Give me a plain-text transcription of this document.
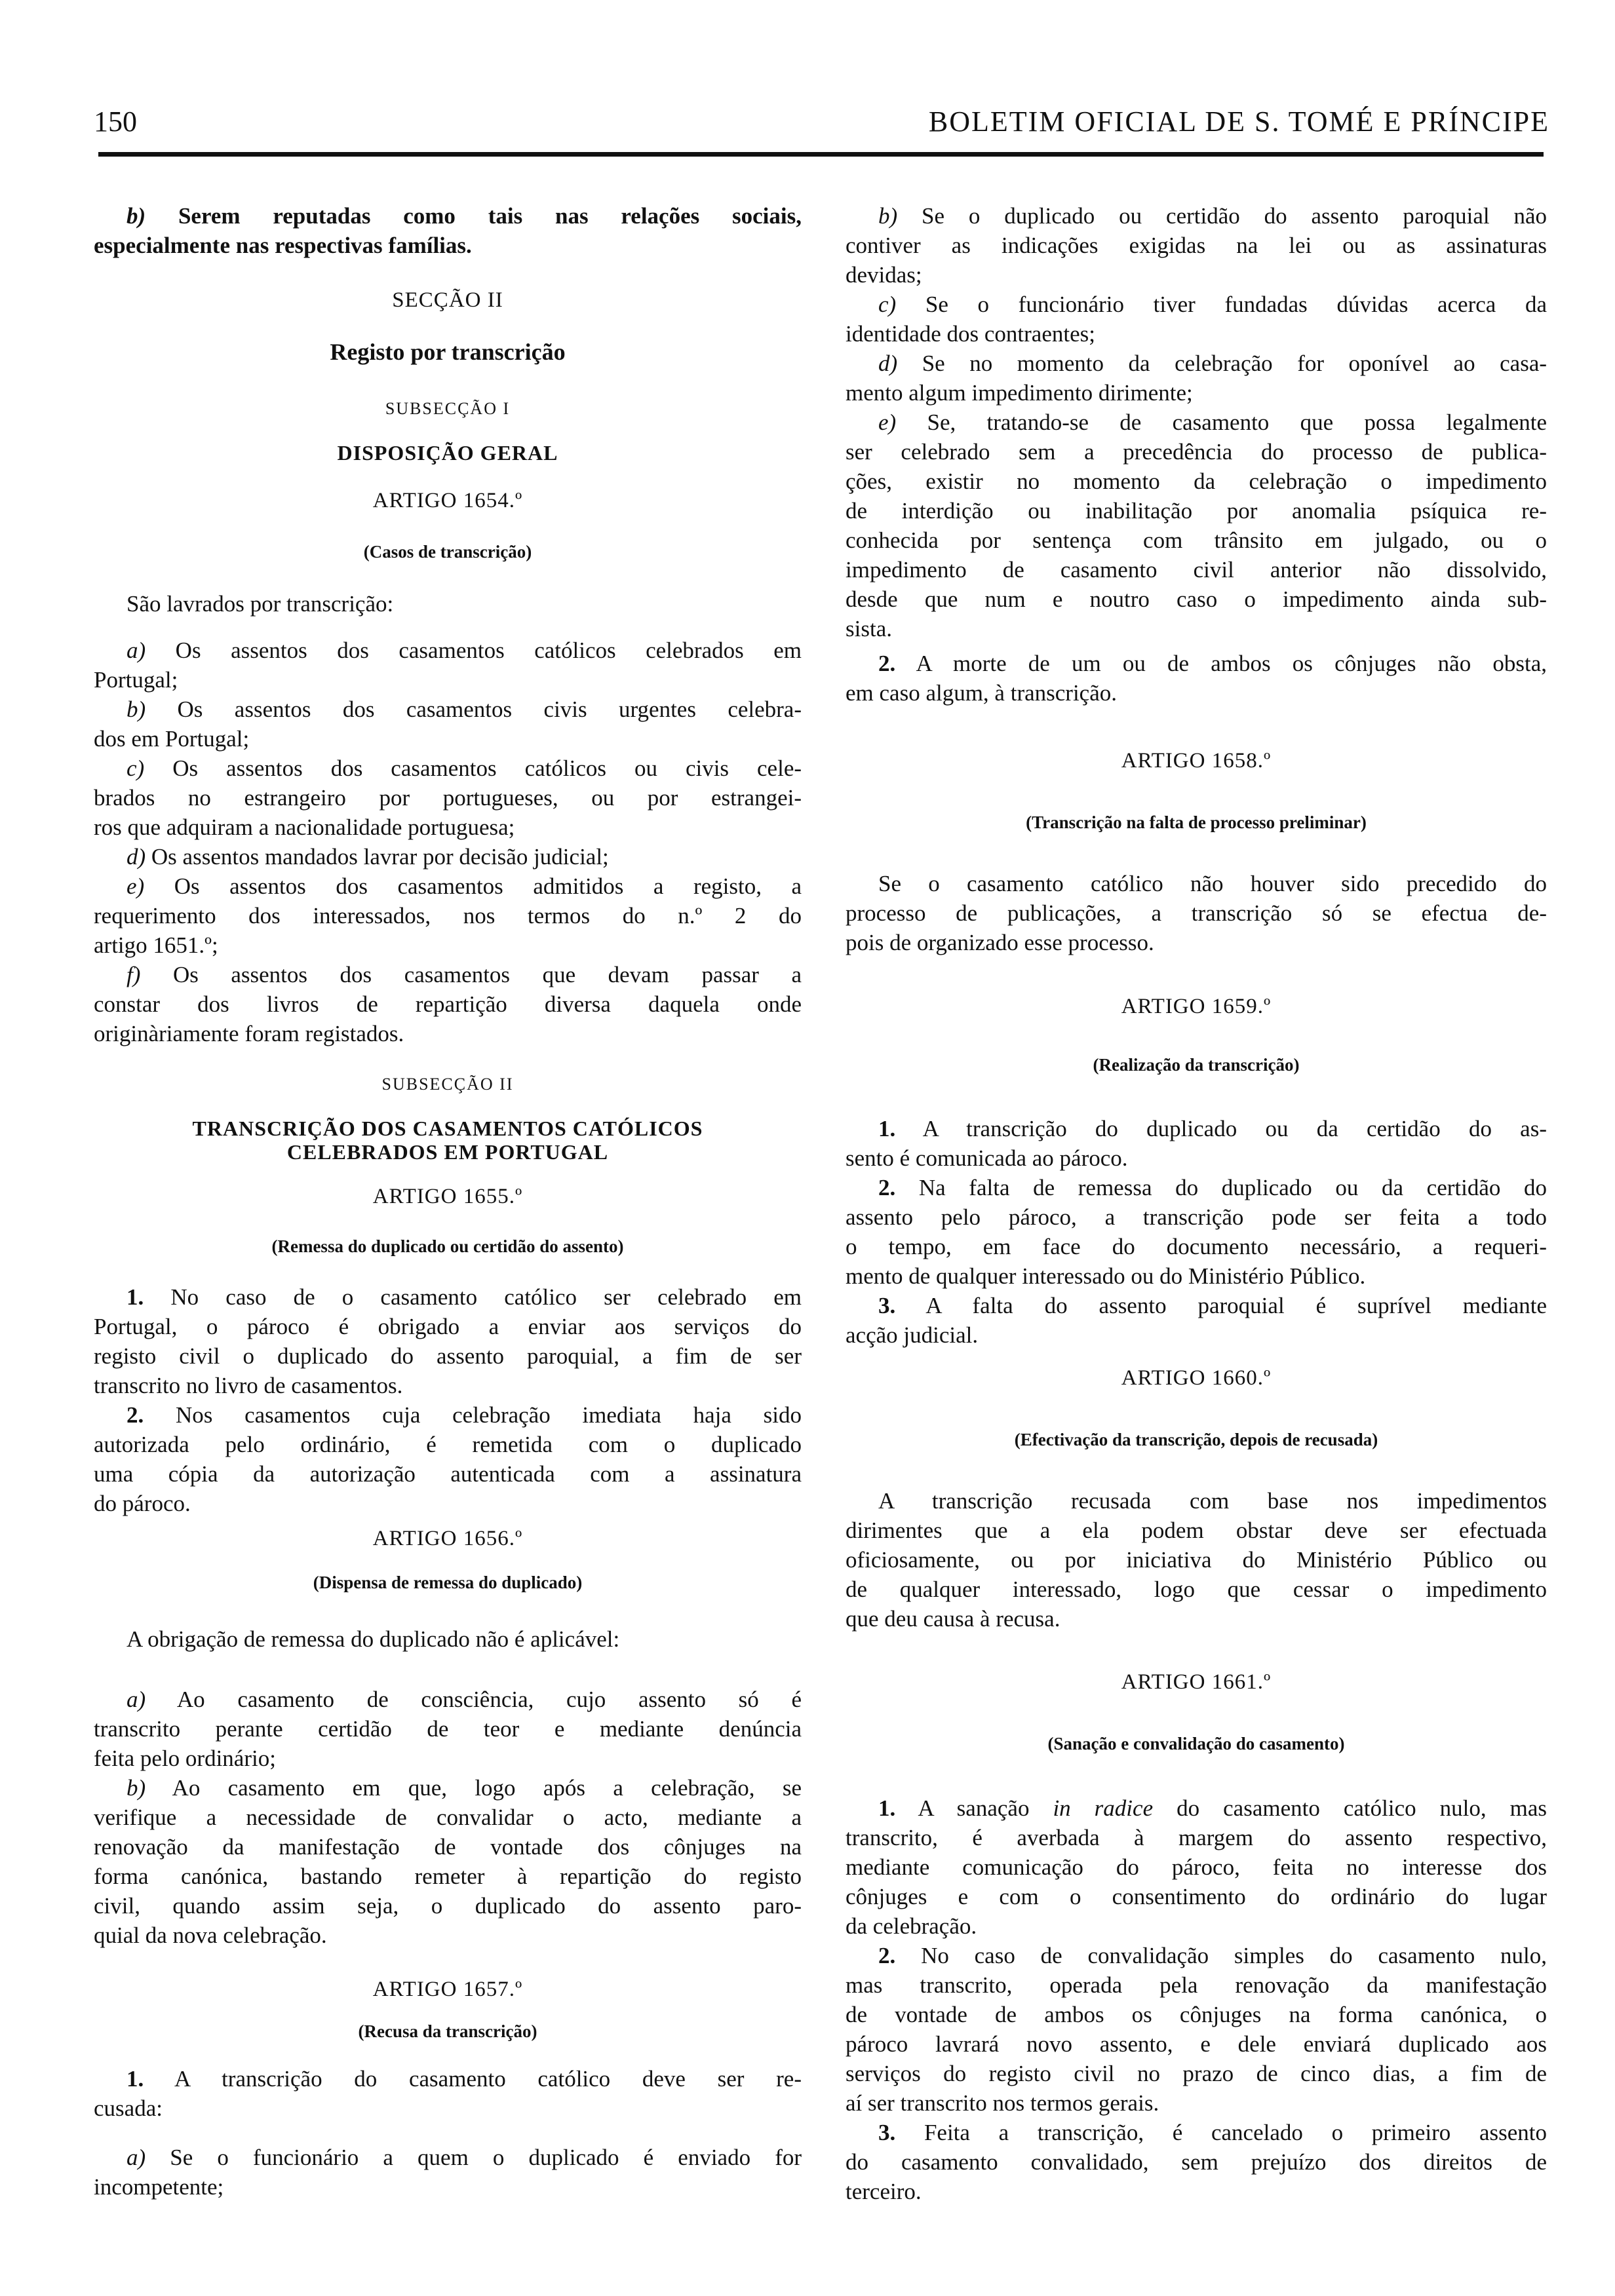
150	BOLETIM OFICIAL DE S. TOMÉ E PRÍNCIPE
b) Serem reputadas como tais nas relações sociais,
especialmente nas respectivas famílias.
SECÇÃO II
Registo por transcrição
SUBSECÇÃO I
DISPOSIÇÃO GERAL
ARTIGO 1654.º
(Casos de transcrição)
São lavrados por transcrição:
a) Os assentos dos casamentos católicos celebrados em
Portugal;
b) Os assentos dos casamentos civis urgentes celebra-
dos em Portugal;
c) Os assentos dos casamentos católicos ou civis cele-
brados no estrangeiro por portugueses, ou por estrangei-
ros que adquiram a nacionalidade portuguesa;
d) Os assentos mandados lavrar por decisão judicial;
e) Os assentos dos casamentos admitidos a registo, a
requerimento dos interessados, nos termos do n.º 2 do
artigo 1651.º;
f) Os assentos dos casamentos que devam passar a
constar dos livros de repartição diversa daquela onde
originàriamente foram registados.
SUBSECÇÃO II
TRANSCRIÇÃO DOS CASAMENTOS CATÓLICOS
CELEBRADOS EM PORTUGAL
ARTIGO 1655.º
(Remessa do duplicado ou certidão do assento)
1. No caso de o casamento católico ser celebrado em
Portugal, o pároco é obrigado a enviar aos serviços do
registo civil o duplicado do assento paroquial, a fim de ser
transcrito no livro de casamentos.
2. Nos casamentos cuja celebração imediata haja sido
autorizada pelo ordinário, é remetida com o duplicado
uma cópia da autorização autenticada com a assinatura
do pároco.
ARTIGO 1656.º
(Dispensa de remessa do duplicado)
A obrigação de remessa do duplicado não é aplicável:
a) Ao casamento de consciência, cujo assento só é
transcrito perante certidão de teor e mediante denúncia
feita pelo ordinário;
b) Ao casamento em que, logo após a celebração, se
verifique a necessidade de convalidar o acto, mediante a
renovação da manifestação de vontade dos cônjuges na
forma canónica, bastando remeter à repartição do registo
civil, quando assim seja, o duplicado do assento paro-
quial da nova celebração.
ARTIGO 1657.º
(Recusa da transcrição)
1. A transcrição do casamento católico deve ser re-
cusada:
a) Se o funcionário a quem o duplicado é enviado for
incompetente;
b) Se o duplicado ou certidão do assento paroquial não
contiver as indicações exigidas na lei ou as assinaturas
devidas;
c) Se o funcionário tiver fundadas dúvidas acerca da
identidade dos contraentes;
d) Se no momento da celebração for oponível ao casa-
mento algum impedimento dirimente;
e) Se, tratando-se de casamento que possa legalmente
ser celebrado sem a precedência do processo de publica-
ções, existir no momento da celebração o impedimento
de interdição ou inabilitação por anomalia psíquica re-
conhecida por sentença com trânsito em julgado, ou o
impedimento de casamento civil anterior não dissolvido,
desde que num e noutro caso o impedimento ainda sub-
sista.
2. A morte de um ou de ambos os cônjuges não obsta,
em caso algum, à transcrição.
ARTIGO 1658.º
(Transcrição na falta de processo preliminar)
Se o casamento católico não houver sido precedido do
processo de publicações, a transcrição só se efectua de-
pois de organizado esse processo.
ARTIGO 1659.º
(Realização da transcrição)
1. A transcrição do duplicado ou da certidão do as-
sento é comunicada ao pároco.
2. Na falta de remessa do duplicado ou da certidão do
assento pelo pároco, a transcrição pode ser feita a todo
o tempo, em face do documento necessário, a requeri-
mento de qualquer interessado ou do Ministério Público.
3. A falta do assento paroquial é suprível mediante
acção judicial.
ARTIGO 1660.º
(Efectivação da transcrição, depois de recusada)
A transcrição recusada com base nos impedimentos
dirimentes que a ela podem obstar deve ser efectuada
oficiosamente, ou por iniciativa do Ministério Público ou
de qualquer interessado, logo que cessar o impedimento
que deu causa à recusa.
ARTIGO 1661.º
(Sanação e convalidação do casamento)
1. A sanação in radice do casamento católico nulo, mas
transcrito, é averbada à margem do assento respectivo,
mediante comunicação do pároco, feita no interesse dos
cônjuges e com o consentimento do ordinário do lugar
da celebração.
2. No caso de convalidação simples do casamento nulo,
mas transcrito, operada pela renovação da manifestação
de vontade de ambos os cônjuges na forma canónica, o
pároco lavrará novo assento, e dele enviará duplicado aos
serviços do registo civil no prazo de cinco dias, a fim de
aí ser transcrito nos termos gerais.
3. Feita a transcrição, é cancelado o primeiro assento
do casamento convalidado, sem prejuízo dos direitos de
terceiro.
